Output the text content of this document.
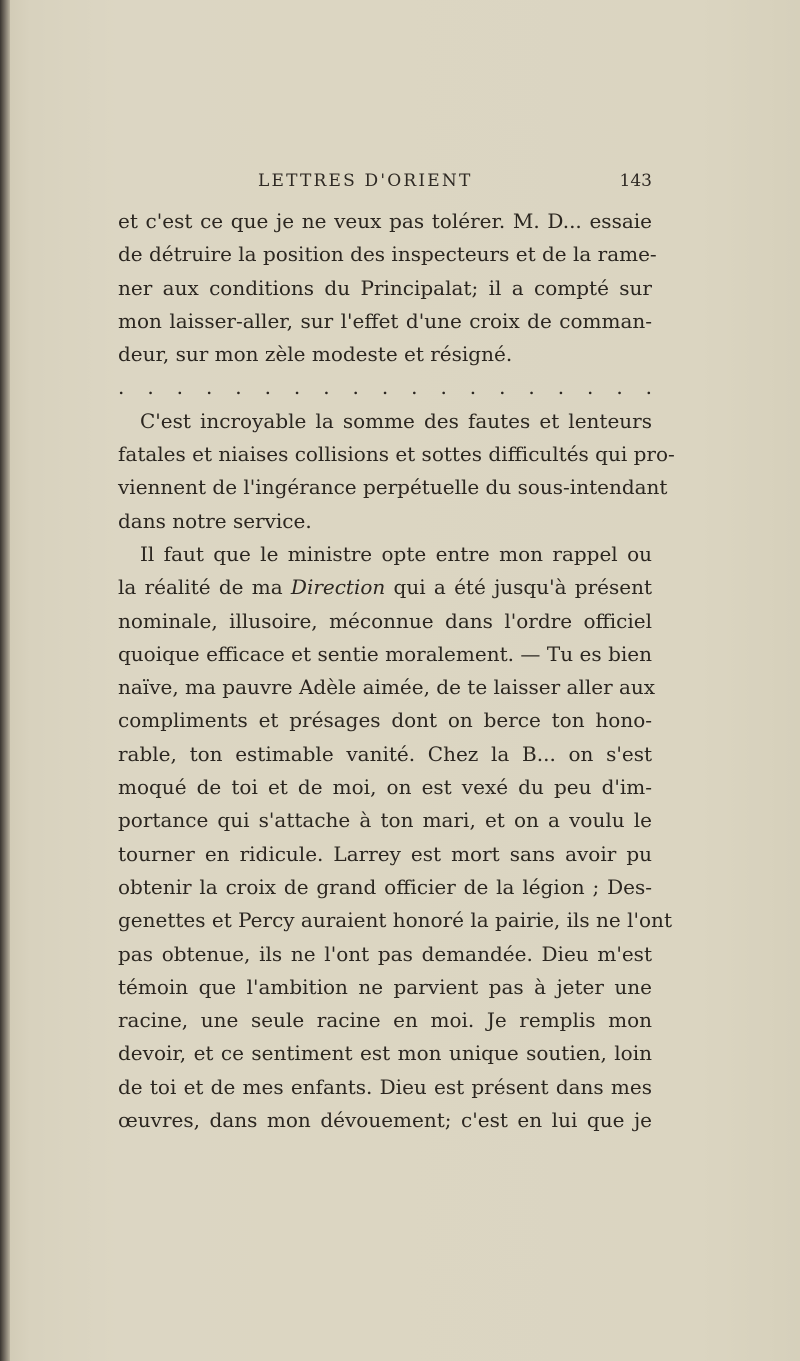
LETTRES D'ORIENT	143
et c'est ce que je ne veux pas tolérer. M. D... essaie
de détruire la position des inspecteurs et de la rame-
ner aux conditions du Principalat; il a compté sur
mon laisser-aller, sur l'effet d'une croix de comman-
deur, sur mon zèle modeste et résigné.
. . . . . . . . . . . . . . . . . . .
C'est incroyable la somme des fautes et lenteurs
fatales et niaises collisions et sottes difficultés qui pro-
viennent de l'ingérance perpétuelle du sous-intendant
dans notre service.
Il faut que le ministre opte entre mon rappel ou
la réalité de ma Direction qui a été jusqu'à présent
nominale, illusoire, méconnue dans l'ordre officiel
quoique efficace et sentie moralement. — Tu es bien
naïve, ma pauvre Adèle aimée, de te laisser aller aux
compliments et présages dont on berce ton hono-
rable, ton estimable vanité. Chez la B... on s'est
moqué de toi et de moi, on est vexé du peu d'im-
portance qui s'attache à ton mari, et on a voulu le
tourner en ridicule. Larrey est mort sans avoir pu
obtenir la croix de grand officier de la légion ; Des-
genettes et Percy auraient honoré la pairie, ils ne l'ont
pas obtenue, ils ne l'ont pas demandée. Dieu m'est
témoin que l'ambition ne parvient pas à jeter une
racine, une seule racine en moi. Je remplis mon
devoir, et ce sentiment est mon unique soutien, loin
de toi et de mes enfants. Dieu est présent dans mes
œuvres, dans mon dévouement; c'est en lui que je
